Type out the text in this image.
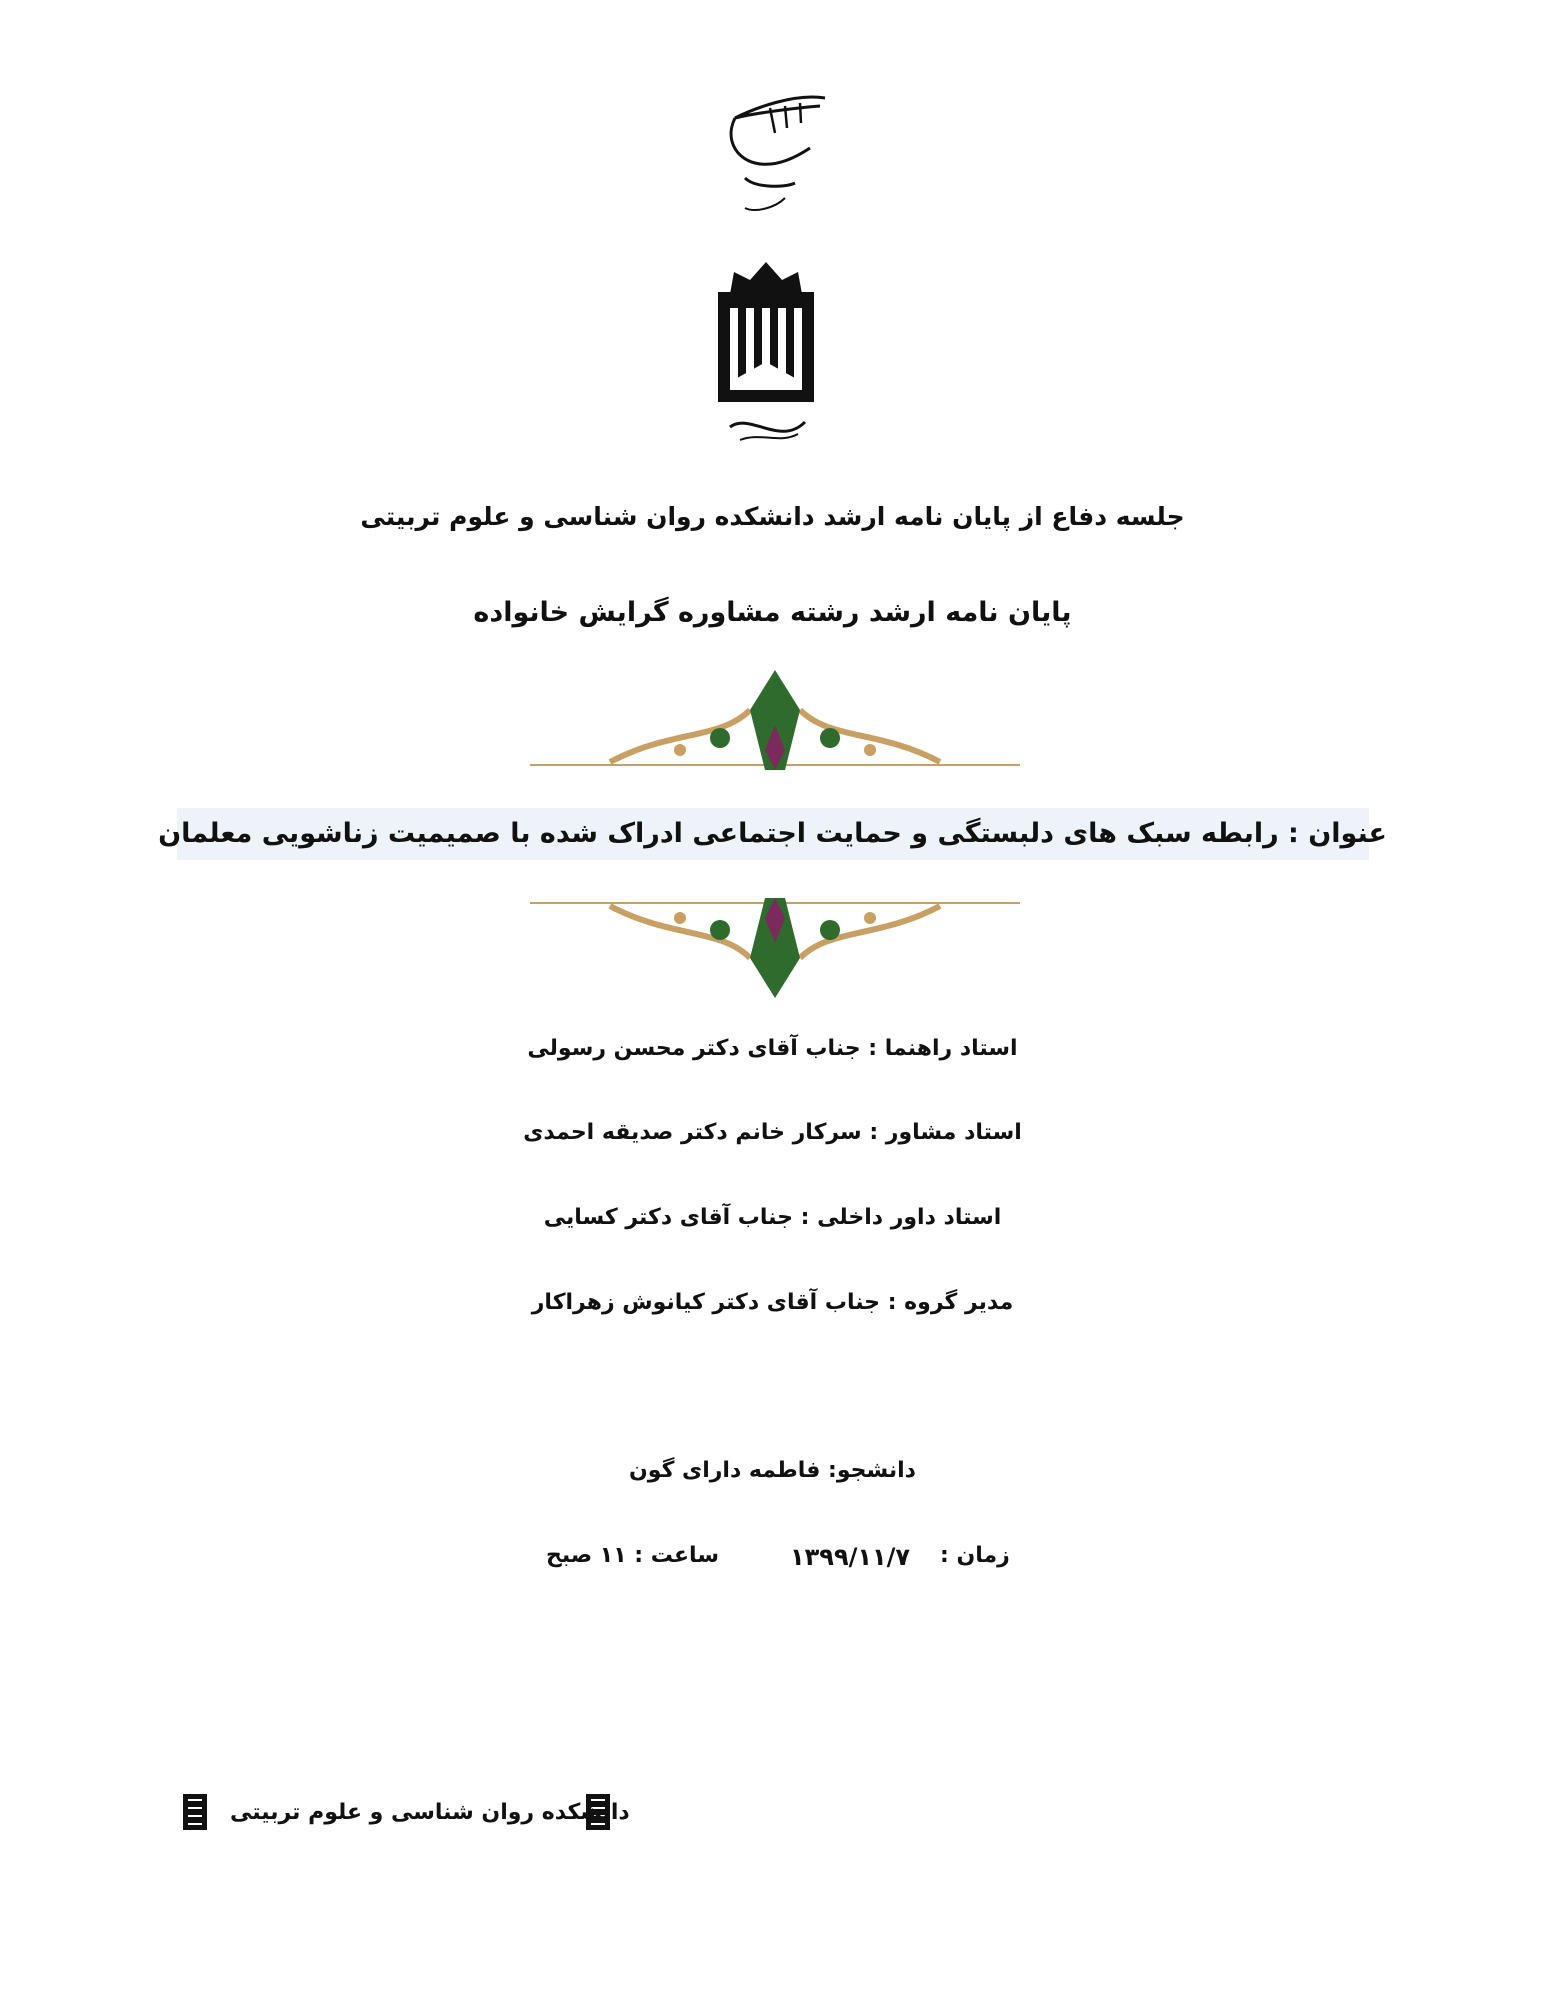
جلسه دفاع از پایان نامه ارشد دانشکده روان شناسی و علوم تربیتی
پایان نامه ارشد رشته مشاوره گرایش خانواده
عنوان : رابطه سبک های دلبستگی و حمایت اجتماعی ادراک شده با صمیمیت زناشویی معلمان
استاد راهنما : جناب آقای دکتر محسن رسولی
استاد مشاور : سرکار خانم دکتر صدیقه احمدی
استاد داور داخلی : جناب آقای دکتر کسایی
مدیر گروه : جناب آقای دکتر کیانوش زهراکار
دانشجو: فاطمه دارای گون
زمان :
۱۳۹۹/۱۱/۷
ساعت : ۱۱ صبح
دانشکده روان شناسی و علوم تربیتی
